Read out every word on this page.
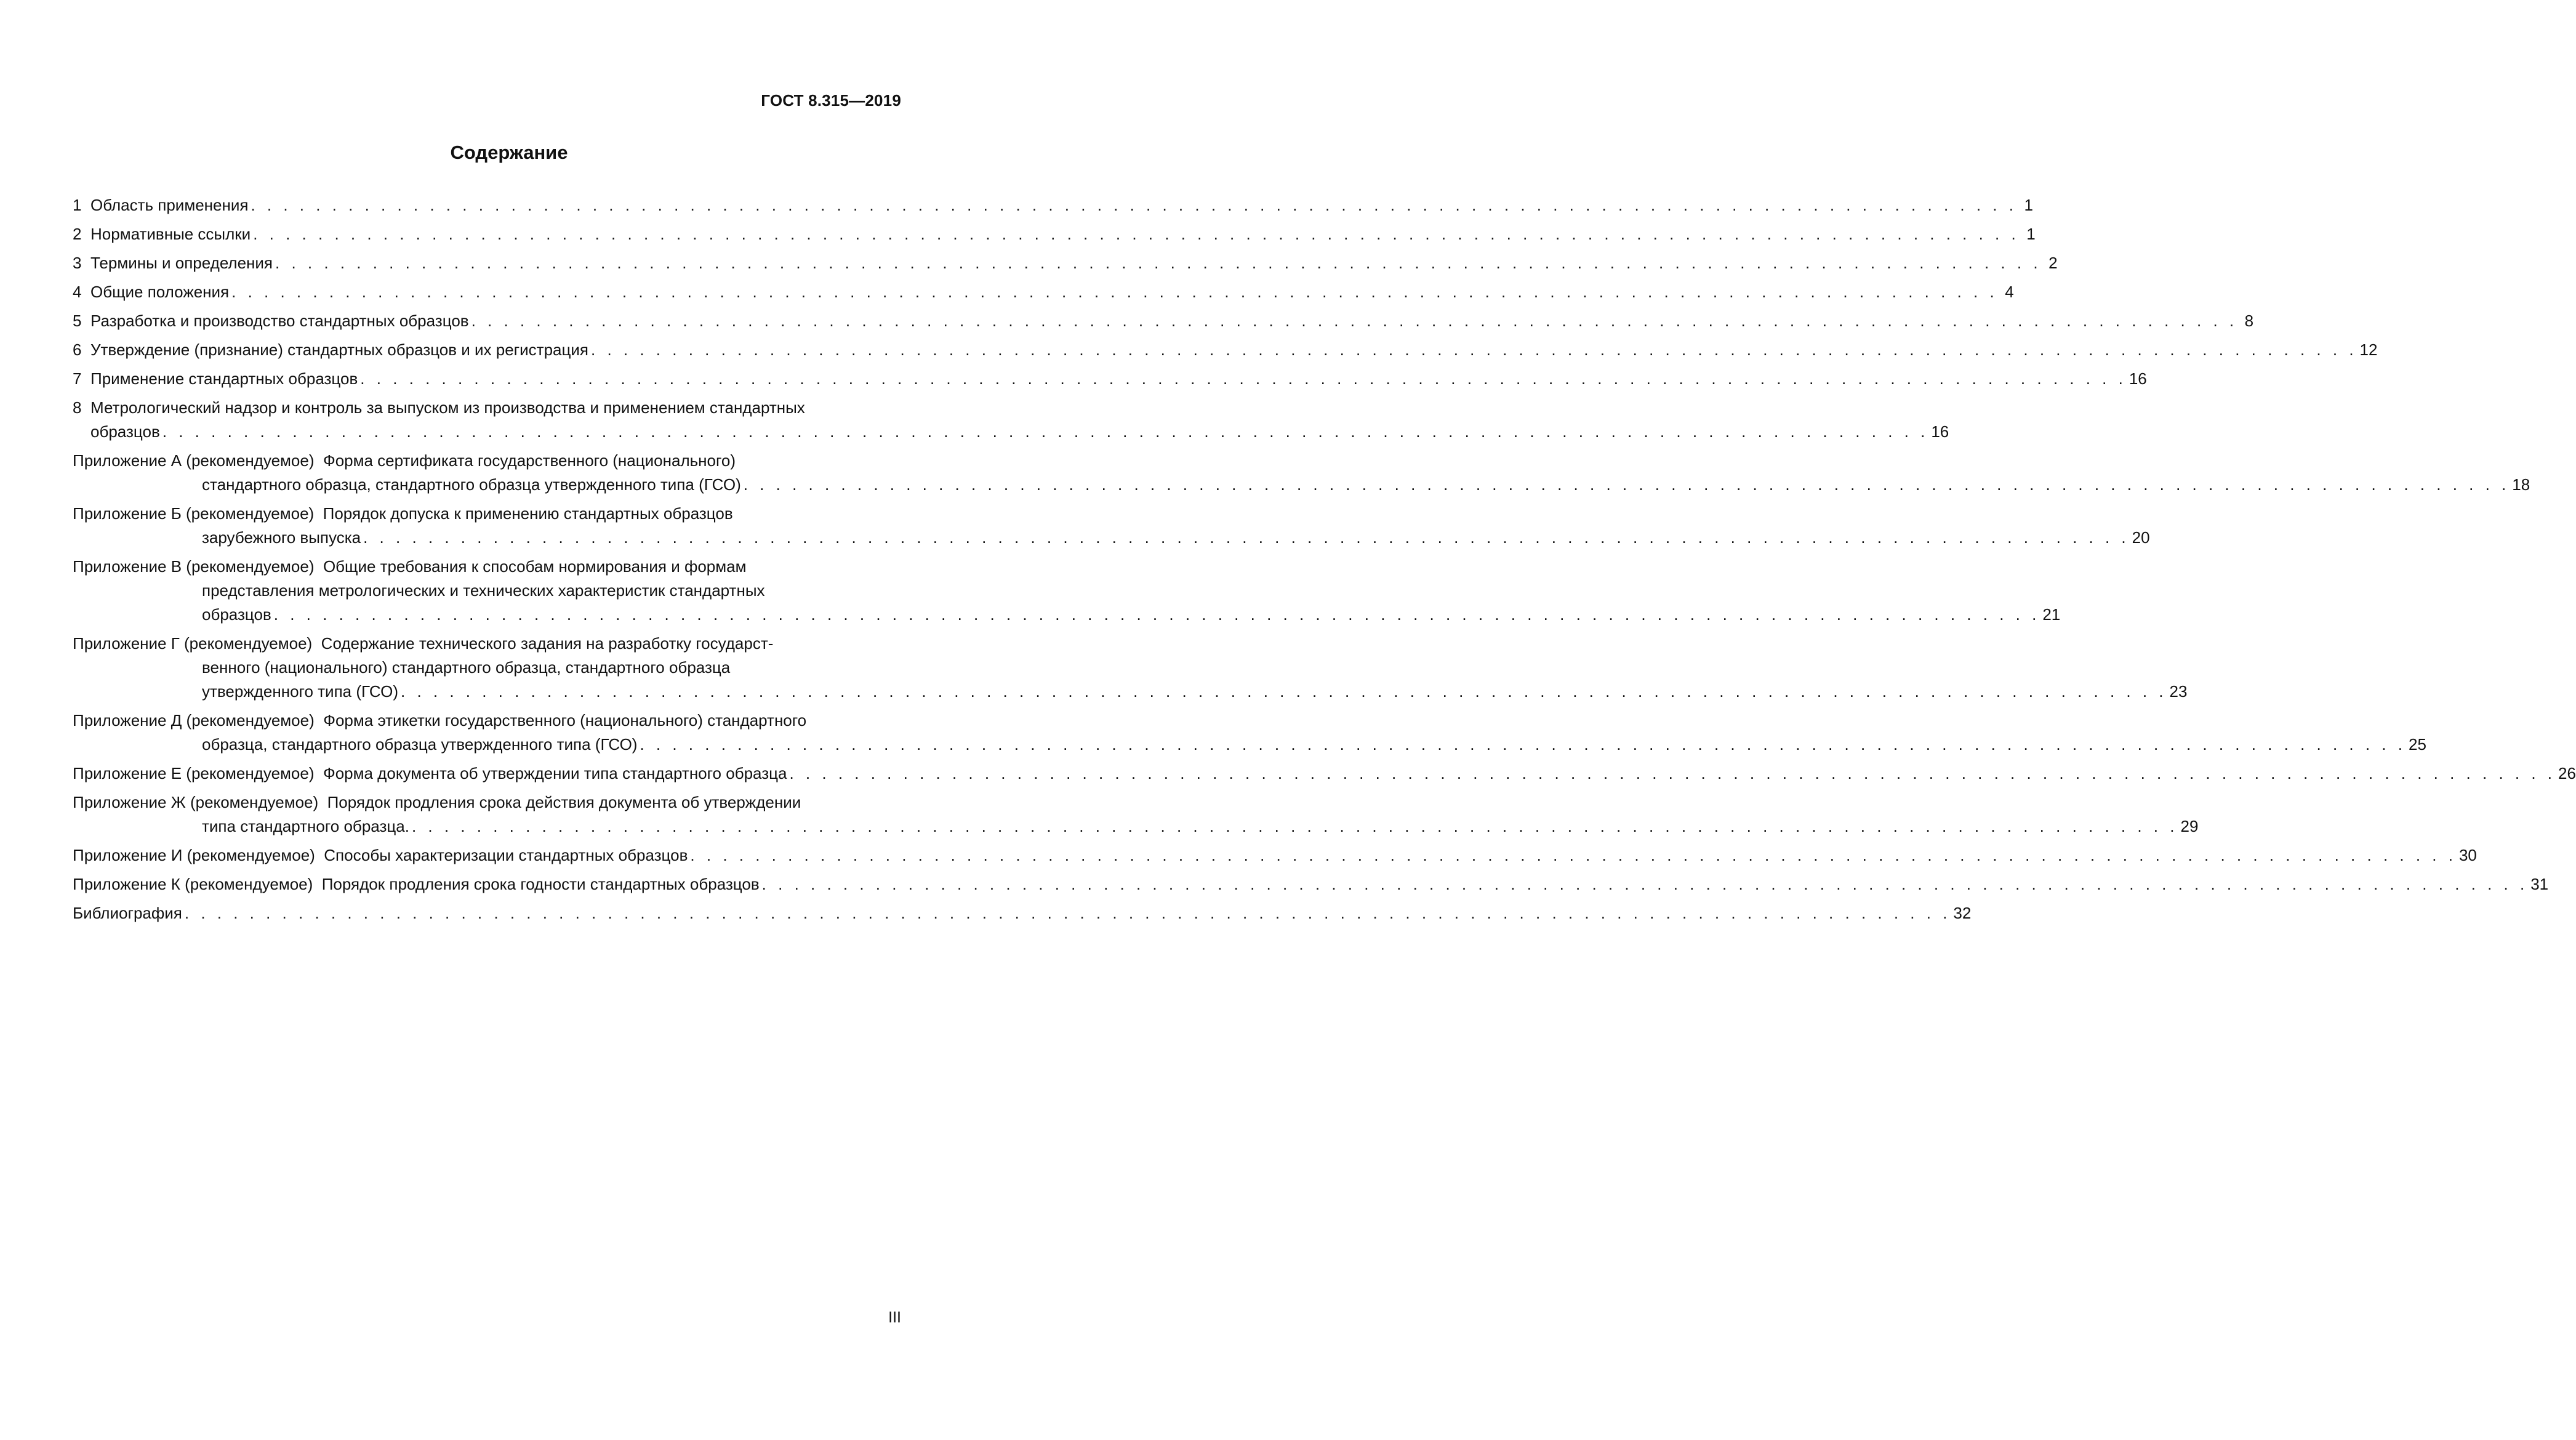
ГОСТ 8.315—2019
Содержание
1 Область применения . . . . . . . . . . . . . . . . . . . . . . . . . . . . . . . . . . . . . . . . . . . . . . . . . . . . . . . . . . . . . . . . . . . . . . . . . . . . . . . . . . . . . . . . . . . . . . . . . . . . . . . . . . . . . 1
2 Нормативные ссылки . . . . . . . . . . . . . . . . . . . . . . . . . . . . . . . . . . . . . . . . . . . . . . . . . . . . . . . . . . . . . . . . . . . . . . . . . . . . . . . . . . . . . . . . . . . . . . . . . . . . . . . . . . . . . 1
3 Термины и определения . . . . . . . . . . . . . . . . . . . . . . . . . . . . . . . . . . . . . . . . . . . . . . . . . . . . . . . . . . . . . . . . . . . . . . . . . . . . . . . . . . . . . . . . . . . . . . . . . . . . . . . . . . . . . 2
4 Общие положения . . . . . . . . . . . . . . . . . . . . . . . . . . . . . . . . . . . . . . . . . . . . . . . . . . . . . . . . . . . . . . . . . . . . . . . . . . . . . . . . . . . . . . . . . . . . . . . . . . . . . . . . . . . . . 4
5 Разработка и производство стандартных образцов . . . . . . . . . . . . . . . . . . . . . . . . . . . . . . . . . . . . . . . . . . . . . . . . . . . . . . . . . . . . . . . . . . . . . . . . . . . . . . . . . . . . . . . . . . . . . . . . . . . . . . . . . . . . . 8
6 Утверждение (признание) стандартных образцов и их регистрация . . . . . . . . . . . . . . . . . . . . . . . . . . . . . . . . . . . . . . . . . . . . . . . . . . . . . . . . . . . . . . . . . . . . . . . . . . . . . . . . . . . . . . . . . . . . . . . . . . . . . . . . . . . . . 12
7 Применение стандартных образцов . . . . . . . . . . . . . . . . . . . . . . . . . . . . . . . . . . . . . . . . . . . . . . . . . . . . . . . . . . . . . . . . . . . . . . . . . . . . . . . . . . . . . . . . . . . . . . . . . . . . . . . . . . . . . 16
8 Метрологический надзор и контроль за выпуском из производства и применением стандартных
образцов . . . . . . . . . . . . . . . . . . . . . . . . . . . . . . . . . . . . . . . . . . . . . . . . . . . . . . . . . . . . . . . . . . . . . . . . . . . . . . . . . . . . . . . . . . . . . . . . . . . . . . . . . . . . . 16
Приложение А (рекомендуемое) Форма сертификата государственного (национального)
стандартного образца, стандартного образца утвержденного типа (ГСО) . . . . . . . . . . . . . . . . . . . . . . . . . . . . . . . . . . . . . . . . . . . . . . . . . . . . . . . . . . . . . . . . . . . . . . . . . . . . . . . . . . . . . . . . . . . . . . . . . . . . . . . . . . . . . 18
Приложение Б (рекомендуемое) Порядок допуска к применению стандартных образцов
зарубежного выпуска . . . . . . . . . . . . . . . . . . . . . . . . . . . . . . . . . . . . . . . . . . . . . . . . . . . . . . . . . . . . . . . . . . . . . . . . . . . . . . . . . . . . . . . . . . . . . . . . . . . . . . . . . . . . . 20
Приложение В (рекомендуемое) Общие требования к способам нормирования и формам
представления метрологических и технических характеристик стандартных
образцов . . . . . . . . . . . . . . . . . . . . . . . . . . . . . . . . . . . . . . . . . . . . . . . . . . . . . . . . . . . . . . . . . . . . . . . . . . . . . . . . . . . . . . . . . . . . . . . . . . . . . . . . . . . . . 21
Приложение Г (рекомендуемое) Содержание технического задания на разработку государст-
венного (национального) стандартного образца, стандартного образца
утвержденного типа (ГСО) . . . . . . . . . . . . . . . . . . . . . . . . . . . . . . . . . . . . . . . . . . . . . . . . . . . . . . . . . . . . . . . . . . . . . . . . . . . . . . . . . . . . . . . . . . . . . . . . . . . . . . . . . . . . . 23
Приложение Д (рекомендуемое) Форма этикетки государственного (национального) стандартного
образца, стандартного образца утвержденного типа (ГСО) . . . . . . . . . . . . . . . . . . . . . . . . . . . . . . . . . . . . . . . . . . . . . . . . . . . . . . . . . . . . . . . . . . . . . . . . . . . . . . . . . . . . . . . . . . . . . . . . . . . . . . . . . . . . . 25
Приложение Е (рекомендуемое) Форма документа об утверждении типа стандартного образца . . . . . . . . . . . . . . . . . . . . . . . . . . . . . . . . . . . . . . . . . . . . . . . . . . . . . . . . . . . . . . . . . . . . . . . . . . . . . . . . . . . . . . . . . . . . . . . . . . . . . . . . . . . . . 26
Приложение Ж (рекомендуемое) Порядок продления срока действия документа об утверждении
типа стандартного образца. . . . . . . . . . . . . . . . . . . . . . . . . . . . . . . . . . . . . . . . . . . . . . . . . . . . . . . . . . . . . . . . . . . . . . . . . . . . . . . . . . . . . . . . . . . . . . . . . . . . . . . . . . . . . . 29
Приложение И (рекомендуемое) Способы характеризации стандартных образцов . . . . . . . . . . . . . . . . . . . . . . . . . . . . . . . . . . . . . . . . . . . . . . . . . . . . . . . . . . . . . . . . . . . . . . . . . . . . . . . . . . . . . . . . . . . . . . . . . . . . . . . . . . . . . 30
Приложение К (рекомендуемое) Порядок продления срока годности стандартных образцов . . . . . . . . . . . . . . . . . . . . . . . . . . . . . . . . . . . . . . . . . . . . . . . . . . . . . . . . . . . . . . . . . . . . . . . . . . . . . . . . . . . . . . . . . . . . . . . . . . . . . . . . . . . . . 31
Библиография . . . . . . . . . . . . . . . . . . . . . . . . . . . . . . . . . . . . . . . . . . . . . . . . . . . . . . . . . . . . . . . . . . . . . . . . . . . . . . . . . . . . . . . . . . . . . . . . . . . . . . . . . . . . . 32
III
